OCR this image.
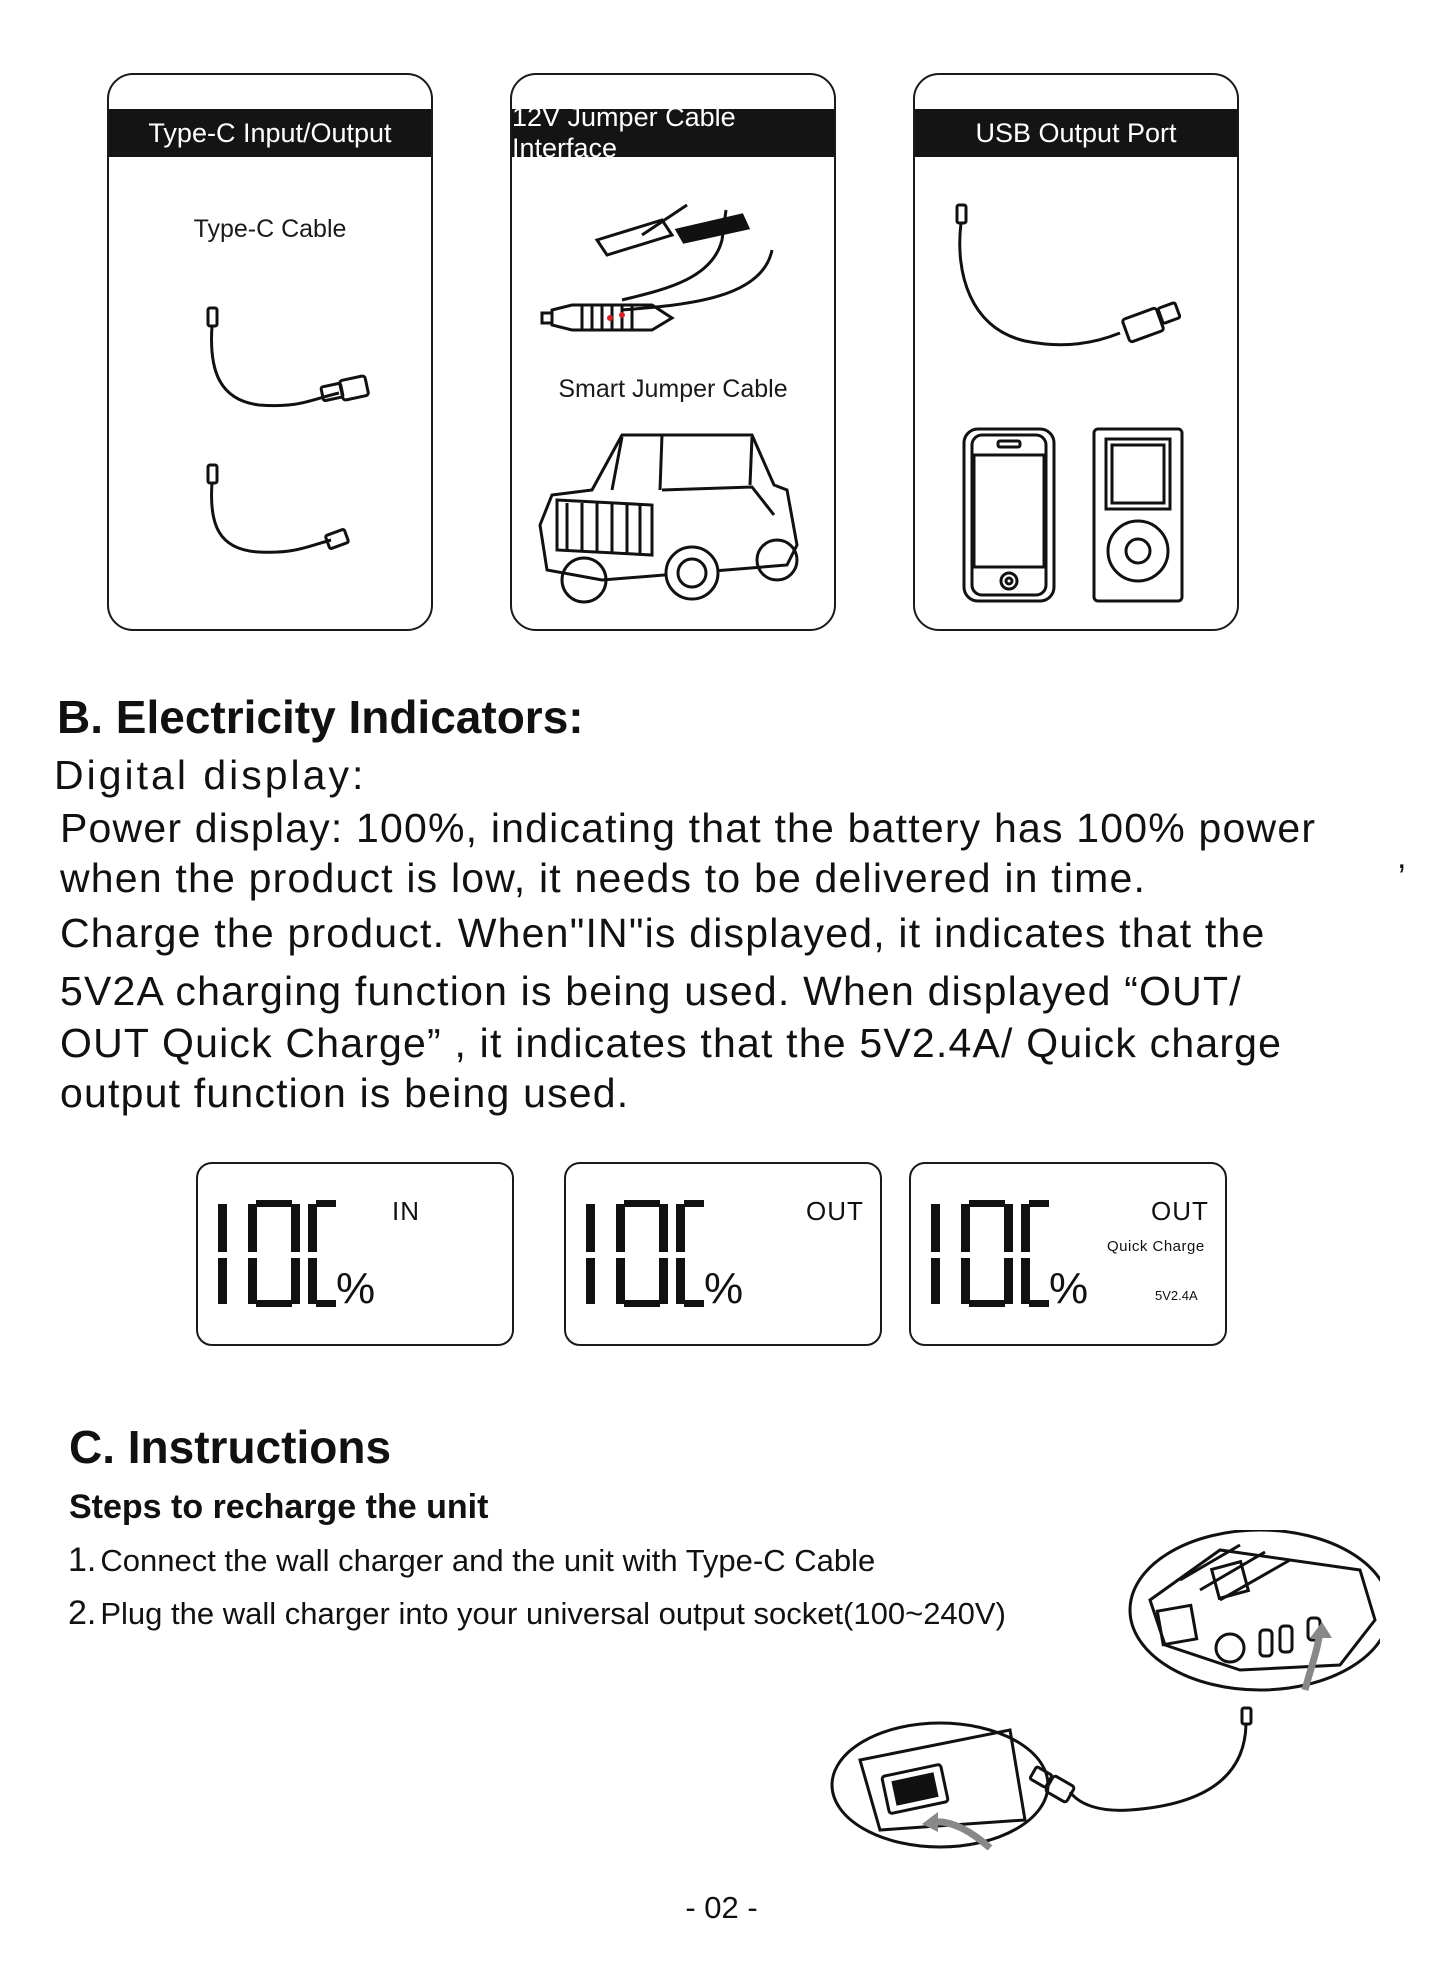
Type-C Input/Output
Type-C Cable
12V Jumper Cable Interface
Smart Jumper Cable
USB Output Port
B. Electricity Indicators:
Digital display:
Power display: 100%, indicating that the battery has 100% power
when the product is low, it needs to be delivered in time.	,
Charge the product. When"IN"is displayed, it indicates that the
5V2A charging function is being used. When displayed “OUT/
OUT Quick Charge” , it indicates that the 5V2.4A/ Quick charge
output function is being used.
%
IN
%
OUT
%
OUT
Quick Charge
5V2.4A
C. Instructions
Steps to recharge the unit
1. Connect the wall charger and the unit with Type-C Cable
2. Plug the wall charger into your universal output socket(100~240V)
- 02 -
